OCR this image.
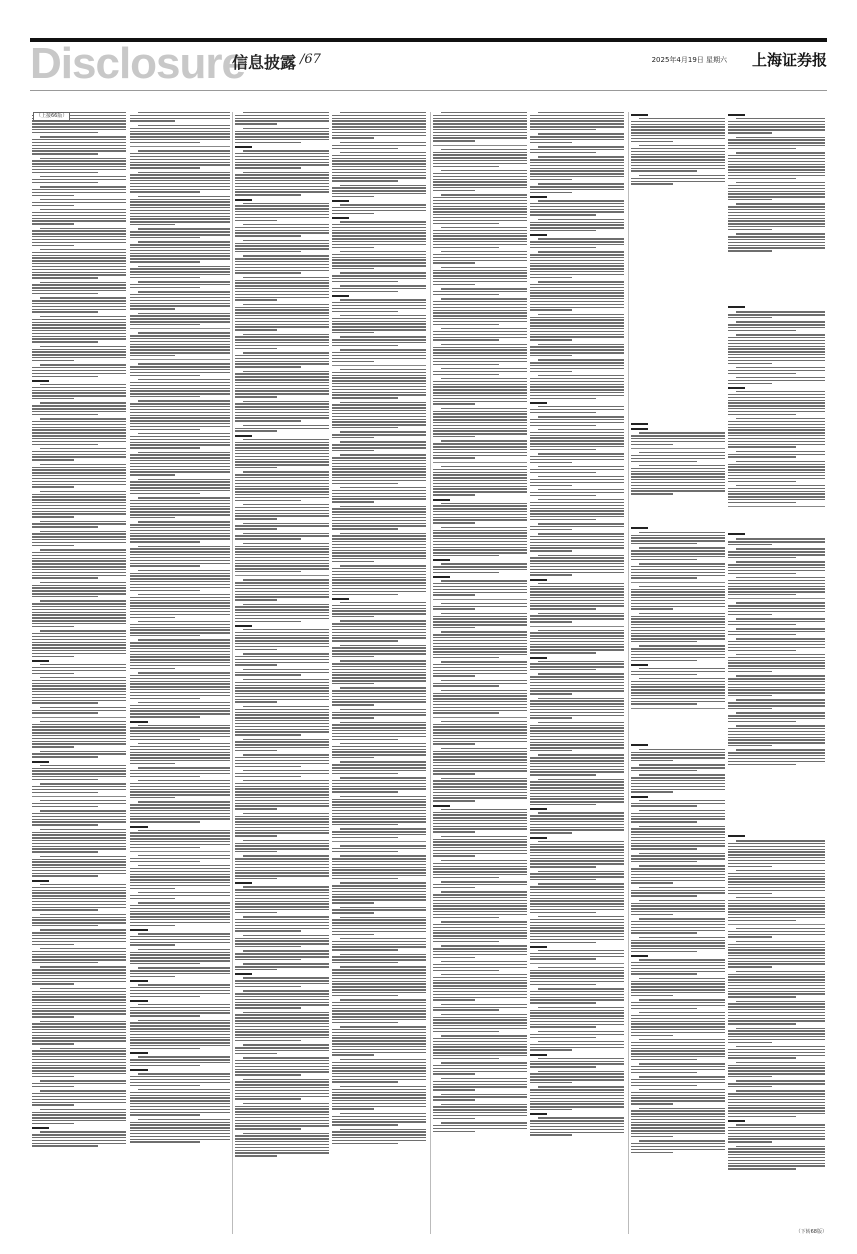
Disclosure
信息披露 /67	2025年4月19日 星期六 上海证券报
（上接66版）
（下转68版）
